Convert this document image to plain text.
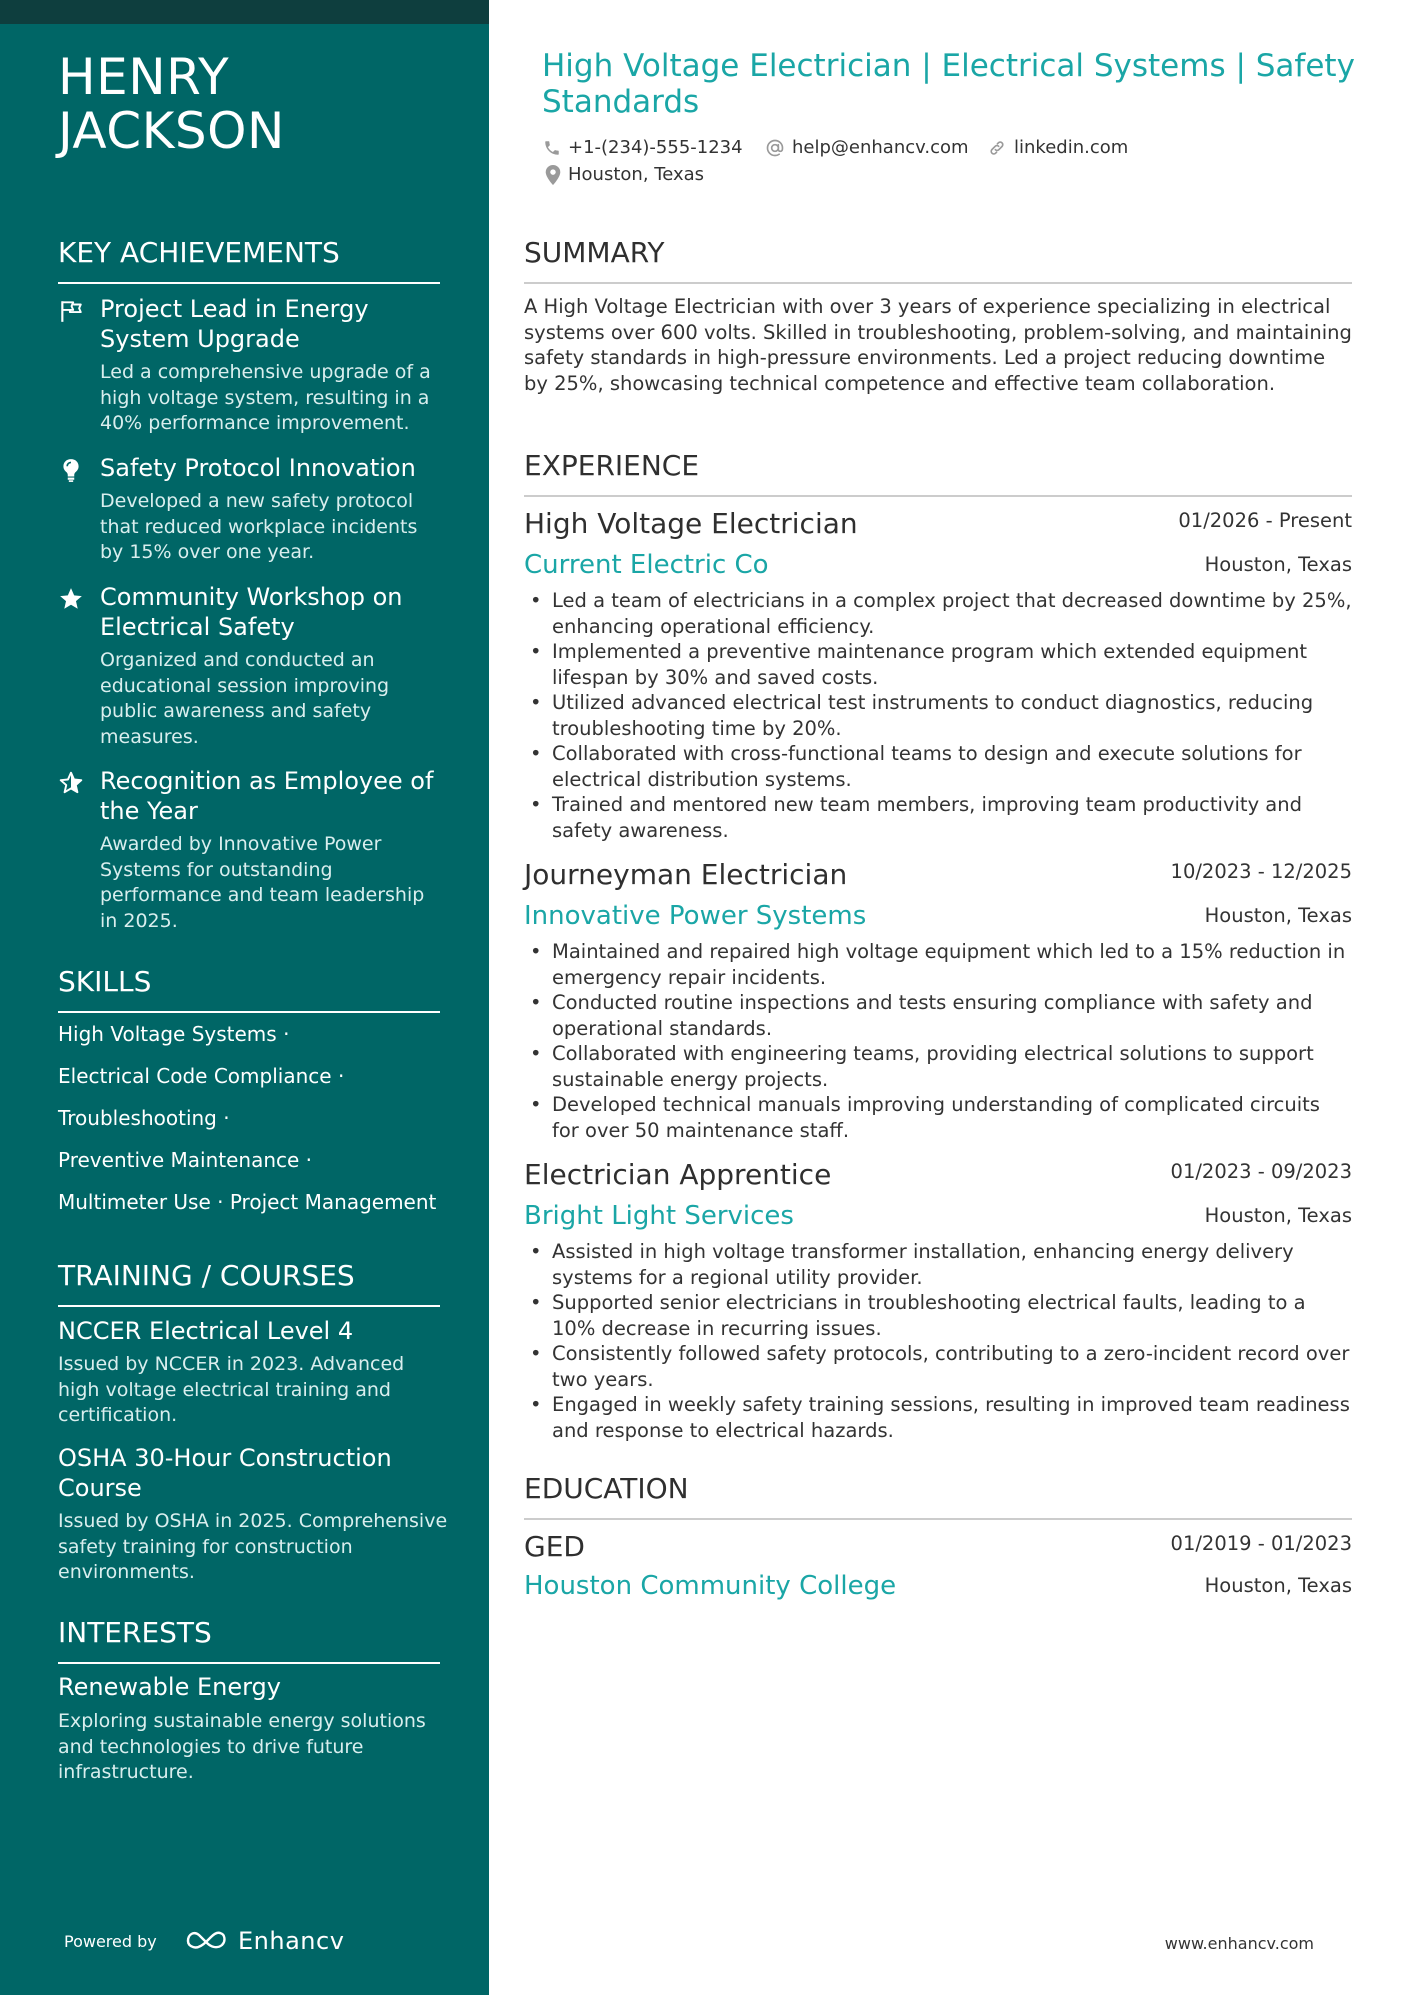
HENRY JACKSON
KEY ACHIEVEMENTS
Project Lead in Energy System Upgrade
Led a comprehensive upgrade of a high voltage system, resulting in a 40% performance improvement.
Safety Protocol Innovation
Developed a new safety protocol that reduced workplace incidents by 15% over one year.
Community Workshop on Electrical Safety
Organized and conducted an educational session improving public awareness and safety measures.
Recognition as Employee of the Year
Awarded by Innovative Power Systems for outstanding performance and team leadership in 2025.
SKILLS
High Voltage Systems ·
Electrical Code Compliance ·
Troubleshooting ·
Preventive Maintenance ·
Multimeter Use · Project Management
TRAINING / COURSES
NCCER Electrical Level 4
Issued by NCCER in 2023. Advanced high voltage electrical training and certification.
OSHA 30-Hour Construction Course
Issued by OSHA in 2025. Comprehensive safety training for construction environments.
INTERESTS
Renewable Energy
Exploring sustainable energy solutions and technologies to drive future infrastructure.
Powered by	Enhancv
High Voltage Electrician | Electrical Systems | Safety Standards
+1-(234)-555-1234	help@enhancv.com	linkedin.com
Houston, Texas
SUMMARY
A High Voltage Electrician with over 3 years of experience specializing in electrical systems over 600 volts. Skilled in troubleshooting, problem-solving, and maintaining safety standards in high-pressure environments. Led a project reducing downtime by 25%, showcasing technical competence and effective team collaboration.
EXPERIENCE
High Voltage Electrician	01/2026 - Present
Current Electric Co	Houston, Texas
• Led a team of electricians in a complex project that decreased downtime by 25%, enhancing operational efficiency.
• Implemented a preventive maintenance program which extended equipment lifespan by 30% and saved costs.
• Utilized advanced electrical test instruments to conduct diagnostics, reducing troubleshooting time by 20%.
• Collaborated with cross-functional teams to design and execute solutions for electrical distribution systems.
• Trained and mentored new team members, improving team productivity and safety awareness.
Journeyman Electrician	10/2023 - 12/2025
Innovative Power Systems	Houston, Texas
• Maintained and repaired high voltage equipment which led to a 15% reduction in emergency repair incidents.
• Conducted routine inspections and tests ensuring compliance with safety and operational standards.
• Collaborated with engineering teams, providing electrical solutions to support sustainable energy projects.
• Developed technical manuals improving understanding of complicated circuits for over 50 maintenance staff.
Electrician Apprentice	01/2023 - 09/2023
Bright Light Services	Houston, Texas
• Assisted in high voltage transformer installation, enhancing energy delivery systems for a regional utility provider.
• Supported senior electricians in troubleshooting electrical faults, leading to a 10% decrease in recurring issues.
• Consistently followed safety protocols, contributing to a zero-incident record over two years.
• Engaged in weekly safety training sessions, resulting in improved team readiness and response to electrical hazards.
EDUCATION
GED	01/2019 - 01/2023
Houston Community College	Houston, Texas
www.enhancv.com
